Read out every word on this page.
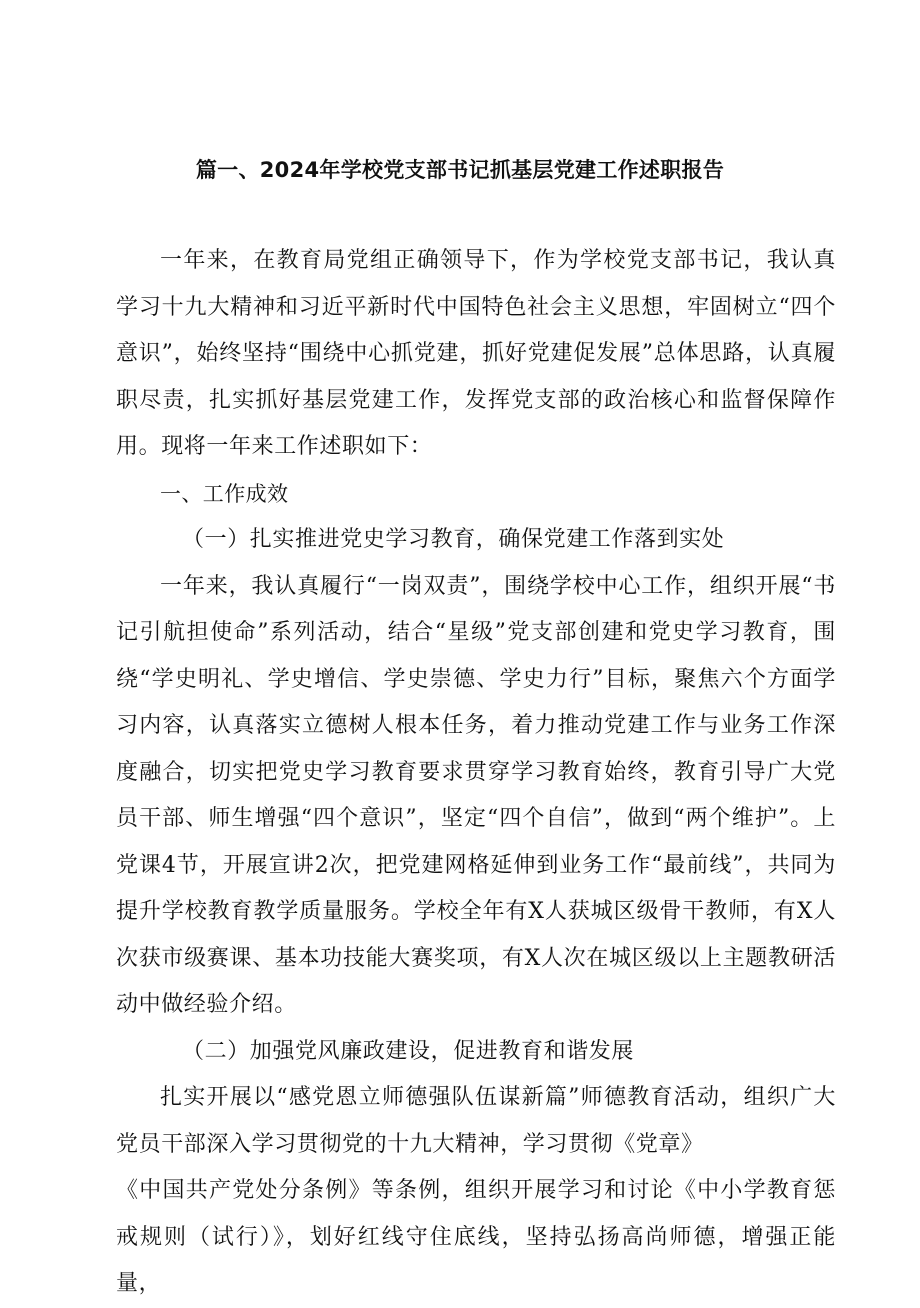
篇一、2024年学校党支部书记抓基层党建工作述职报告

一年来，在教育局党组正确领导下，作为学校党支部书记，我认真学习十九大精神和习近平新时代中国特色社会主义思想，牢固树立“四个意识”，始终坚持“围绕中心抓党建，抓好党建促发展”总体思路，认真履职尽责，扎实抓好基层党建工作，发挥党支部的政治核心和监督保障作用。现将一年来工作述职如下：

一、工作成效

（一）扎实推进党史学习教育，确保党建工作落到实处

一年来，我认真履行“一岗双责”，围绕学校中心工作，组织开展“书记引航担使命”系列活动，结合“星级”党支部创建和党史学习教育，围绕“学史明礼、学史增信、学史崇德、学史力行”目标，聚焦六个方面学习内容，认真落实立德树人根本任务，着力推动党建工作与业务工作深度融合，切实把党史学习教育要求贯穿学习教育始终，教育引导广大党员干部、师生增强“四个意识”，坚定“四个自信”，做到“两个维护”。上党课4节，开展宣讲2次，把党建网格延伸到业务工作“最前线”，共同为提升学校教育教学质量服务。学校全年有X人获城区级骨干教师，有X人次获市级赛课、基本功技能大赛奖项，有X人次在城区级以上主题教研活动中做经验介绍。

（二）加强党风廉政建设，促进教育和谐发展

扎实开展以“感党恩立师德强队伍谋新篇”师德教育活动，组织广大党员干部深入学习贯彻党的十九大精神，学习贯彻《党章》

《中国共产党处分条例》等条例，组织开展学习和讨论《中小学教育惩戒规则（试行）》，划好红线守住底线，坚持弘扬高尚师德，增强正能量，
